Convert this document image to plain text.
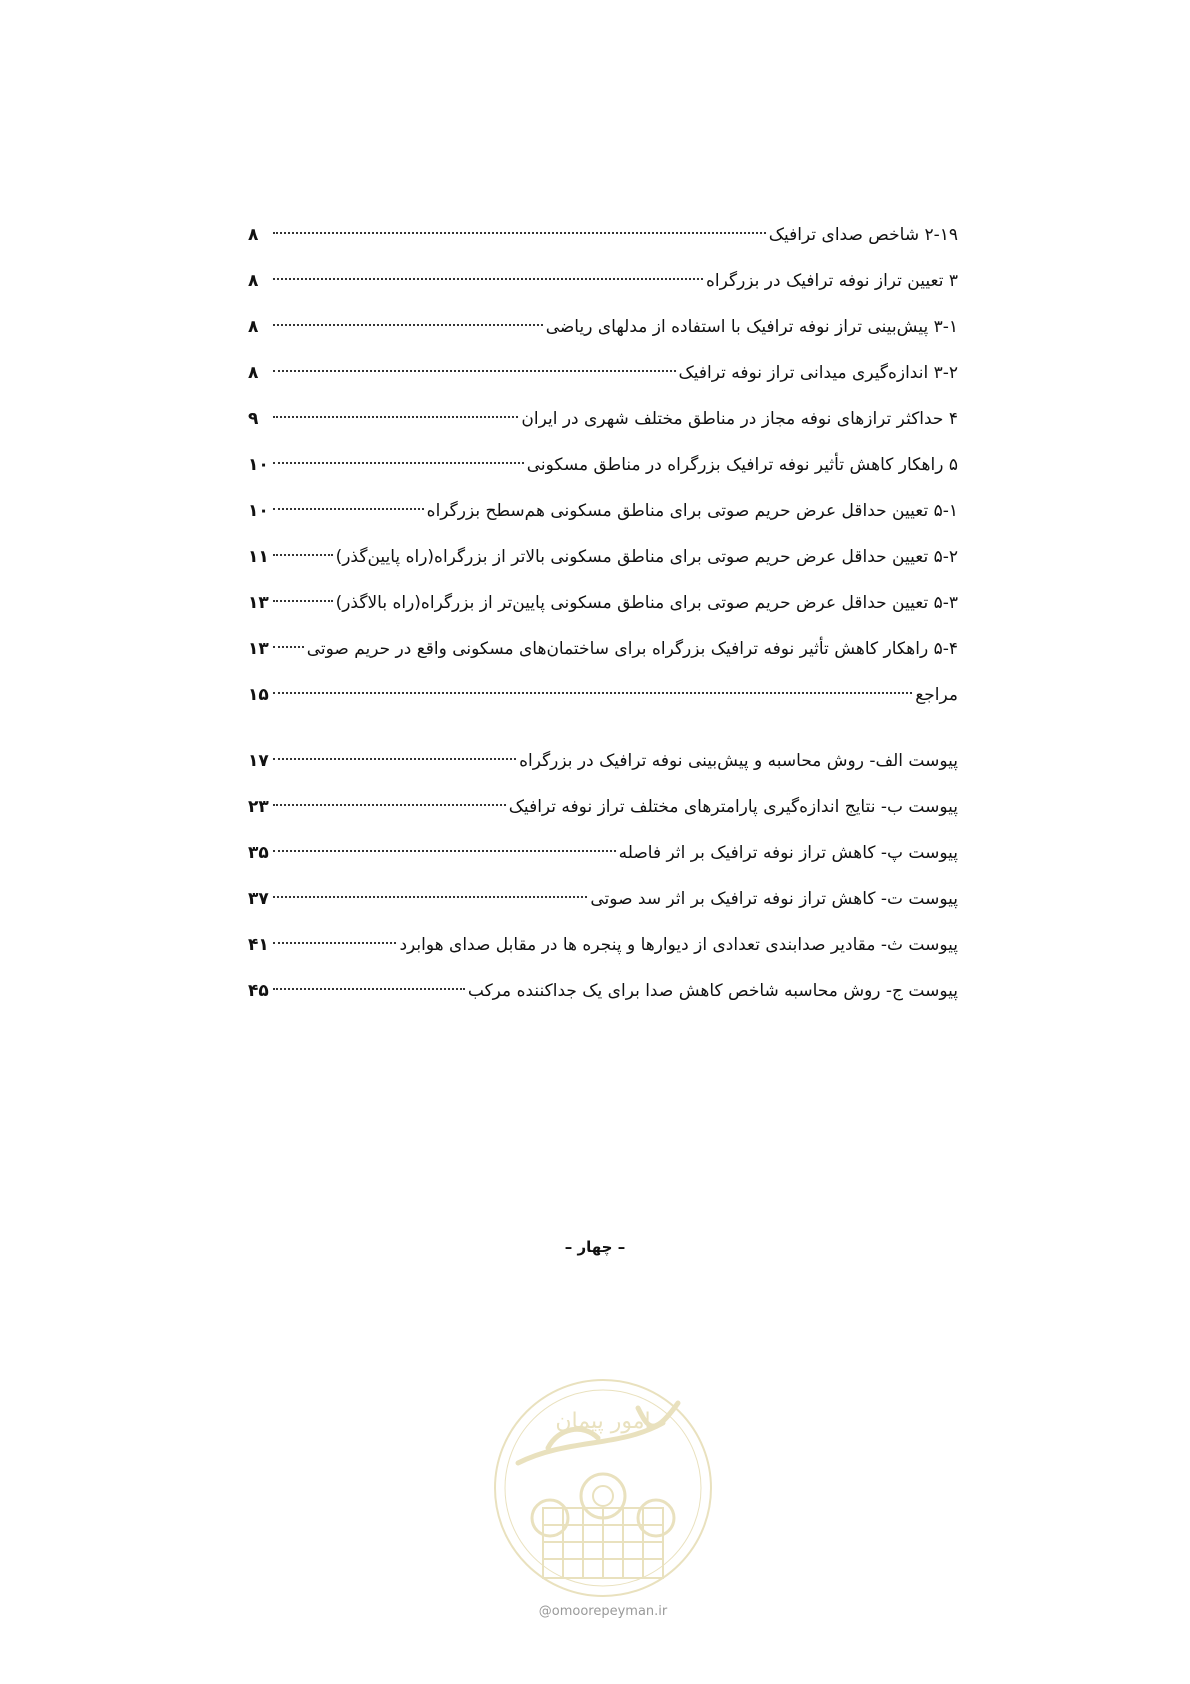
۲-۱۹ شاخص صدای ترافیک
۸
۳ تعیین تراز نوفه ترافیک در بزرگراه
۸
۳-۱ پیش‌بینی تراز نوفه ترافیک با استفاده از مدلهای ریاضی
۸
۳-۲ اندازه‌گیری میدانی تراز نوفه ترافیک
۸
۴ حداکثر ترازهای نوفه مجاز در مناطق مختلف شهری در ایران
۹
۵ راهکار کاهش تأثیر نوفه ترافیک بزرگراه در مناطق مسکونی
۱۰
۵-۱ تعیین حداقل عرض حریم صوتی برای مناطق مسکونی هم‌سطح بزرگراه
۱۰
۵-۲ تعیین حداقل عرض حریم صوتی برای مناطق مسکونی بالاتر از بزرگراه(راه پایین‌گذر)
۱۱
۵-۳ تعیین حداقل عرض حریم صوتی برای مناطق مسکونی پایین‌تر از بزرگراه(راه بالاگذر)
۱۳
۵-۴ راهکار کاهش تأثیر نوفه ترافیک بزرگراه برای ساختمان‌های مسکونی واقع در حریم صوتی
۱۳
مراجع
۱۵
پیوست الف- روش محاسبه و پیش‌بینی نوفه ترافیک در بزرگراه
۱۷
پیوست ب- نتایج اندازه‌گیری پارامترهای مختلف تراز نوفه ترافیک
۲۳
پیوست پ- کاهش تراز نوفه ترافیک بر اثر فاصله
۳۵
پیوست ت- کاهش تراز نوفه ترافیک بر اثر سد صوتی
۳۷
پیوست ث- مقادیر صدابندی تعدادی از دیوارها و پنجره ها در مقابل صدای هوابرد
۴۱
پیوست ج- روش محاسبه شاخص کاهش صدا برای یک جداکننده مرکب
۴۵
– چهار –
امور پیمان
@omoorepeyman.ir
